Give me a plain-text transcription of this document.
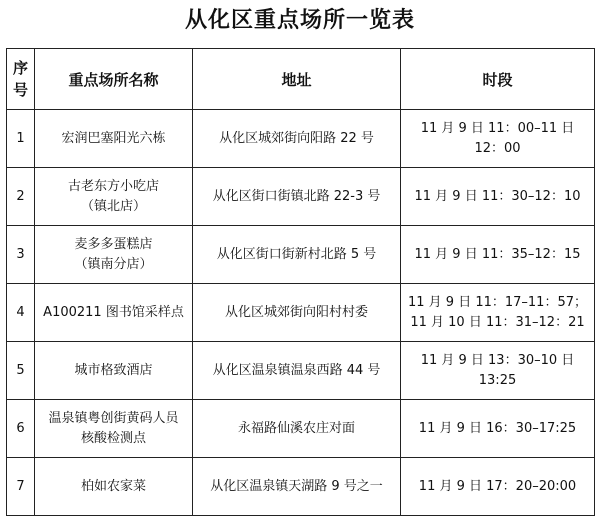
从化区重点场所一览表
序
号	重点场所名称	地址	时段
1	宏润巴塞阳光六栋	从化区城郊街向阳路 22 号	11 月 9 日 11：00–11 日 12：00

2	古老东方小吃店
（镇北店）	从化区街口街镇北路 22-3 号	11 月 9 日 11：30–12：10

3	麦多多蛋糕店
（镇南分店）	从化区街口街新村北路 5 号	11 月 9 日 11：35–12：15

4	A100211 图书馆采样点	从化区城郊街向阳村村委	11 月 9 日 11：17–11：57；
11 月 10 日 11：31–12：21

5	城市格致酒店	从化区温泉镇温泉西路 44 号	11 月 9 日 13：30–10 日 13:25

6	温泉镇粤创街黄码人员
核酸检测点	永福路仙溪农庄对面	11 月 9 日 16：30–17:25

7	柏如农家菜	从化区温泉镇天湖路 9 号之一	11 月 9 日 17：20–20:00
